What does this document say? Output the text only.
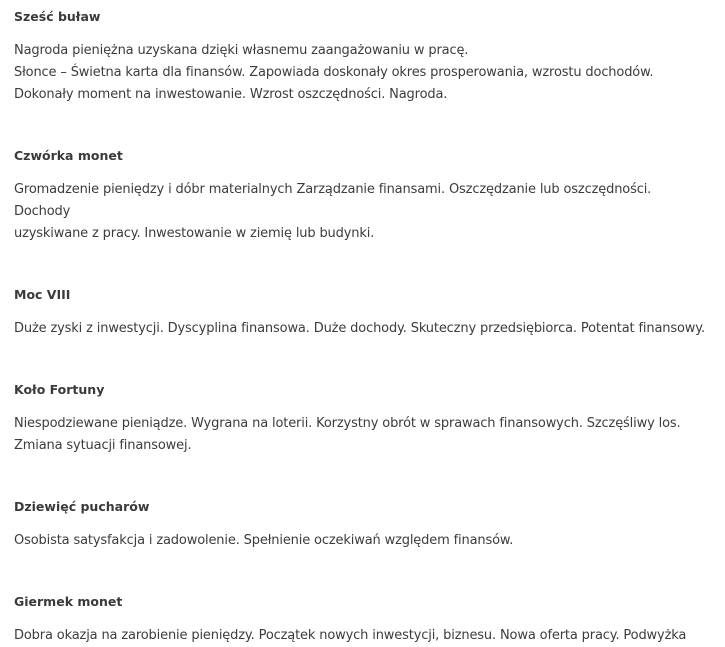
Sześć buław

Nagroda pieniężna uzyskana dzięki własnemu zaangażowaniu w pracę.
Słonce – Świetna karta dla finansów. Zapowiada doskonały okres prosperowania, wzrostu dochodów.
Dokonały moment na inwestowanie. Wzrost oszczędności. Nagroda.

Czwórka monet

Gromadzenie pieniędzy i dóbr materialnych Zarządzanie finansami. Oszczędzanie lub oszczędności. Dochody
uzyskiwane z pracy. Inwestowanie w ziemię lub budynki.

Moc VIII

Duże zyski z inwestycji. Dyscyplina finansowa. Duże dochody. Skuteczny przedsiębiorca. Potentat finansowy.

Koło Fortuny

Niespodziewane pieniądze. Wygrana na loterii. Korzystny obrót w sprawach finansowych. Szczęśliwy los.
Zmiana sytuacji finansowej.

Dziewięć pucharów

Osobista satysfakcja i zadowolenie. Spełnienie oczekiwań względem finansów.

Giermek monet

Dobra okazja na zarobienie pieniędzy. Początek nowych inwestycji, biznesu. Nowa oferta pracy. Podwyżka
